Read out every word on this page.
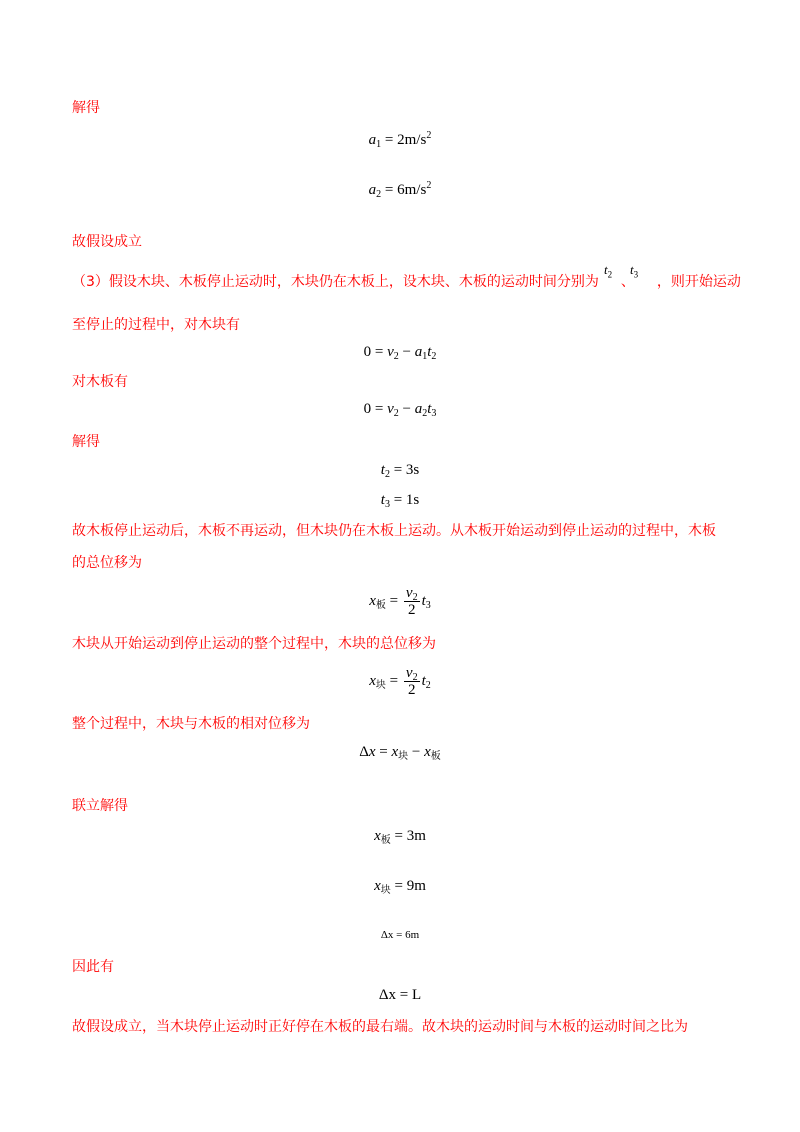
解得
$a_1 = 2m/s^2$
$a_2 = 6m/s^2$
故假设成立
（3）假设木块、木板停止运动时，木块仍在木板上，设木块、木板的运动时间分别为 、 ，则开始运动
$t_2$ $t_3$
至停止的过程中，对木块有
$0 = v_2 - a_1t_2$
对木板有
$0 = v_2 - a_2t_3$
解得
$t_2 = 3s$
$t_3 = 1s$
故木板停止运动后，木板不再运动，但木块仍在木板上运动。从木板开始运动到停止运动的过程中，木板
的总位移为
$x_板 = \frac{v_2}{2} t_3$
木块从开始运动到停止运动的整个过程中，木块的总位移为
$x_块 = \frac{v_2}{2} t_2$
整个过程中，木块与木板的相对位移为
$\Delta x = x_块 - x_板$
联立解得
$x_板 = 3m$
$x_块 = 9m$
Δx = 6m
因此有
Δx = L
故假设成立，当木块停止运动时正好停在木板的最右端。故木块的运动时间与木板的运动时间之比为
